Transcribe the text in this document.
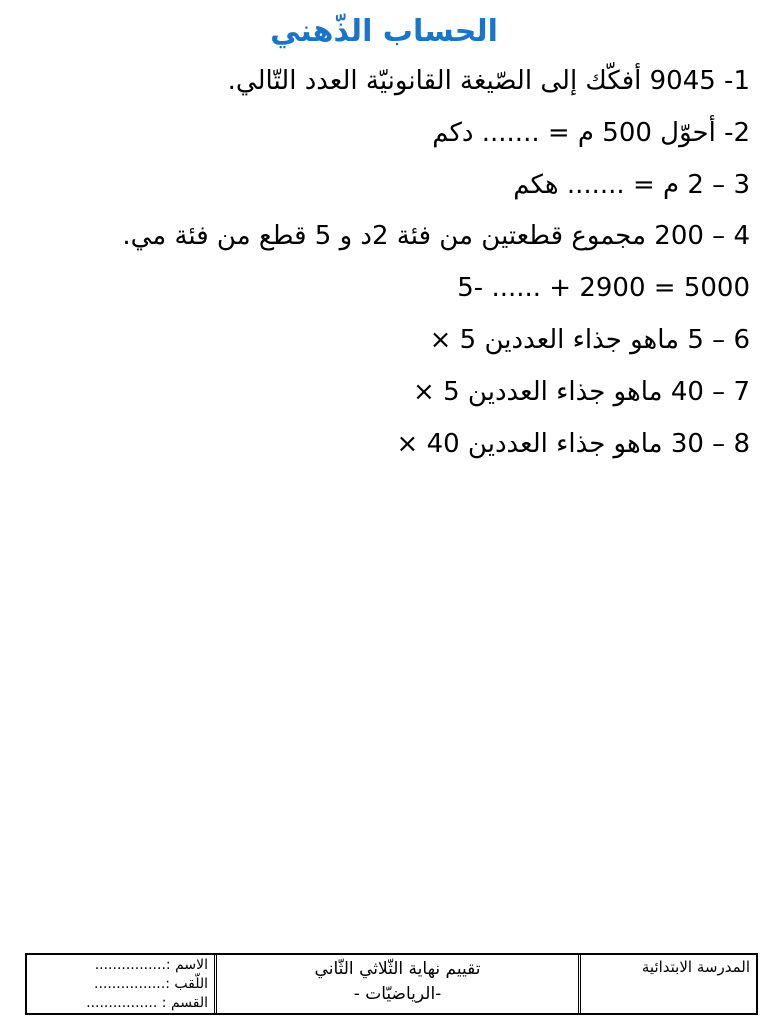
الحساب الذّهني
1- 9045 أفكّك إلى الصّيغة القانونيّة العدد التّالي.
2- أحوّل 500 م = ....... دكم
3 – 2 م = ....... هكم
4 – 200 مجموع قطعتين من فئة 2د و 5 قطع من فئة مي.
5- ...... + 2900 = 5000
6 – 5 ماهو جذاء العددين 5 ×
7 – 40 ماهو جذاء العددين 5 ×
8 – 30 ماهو جذاء العددين 40 ×
................: الاسم
................: اللّقب
................ : القسم
تقييم نهاية الثّلاثي الثّاني
-الرياضيّات -
المدرسة الابتدائية
